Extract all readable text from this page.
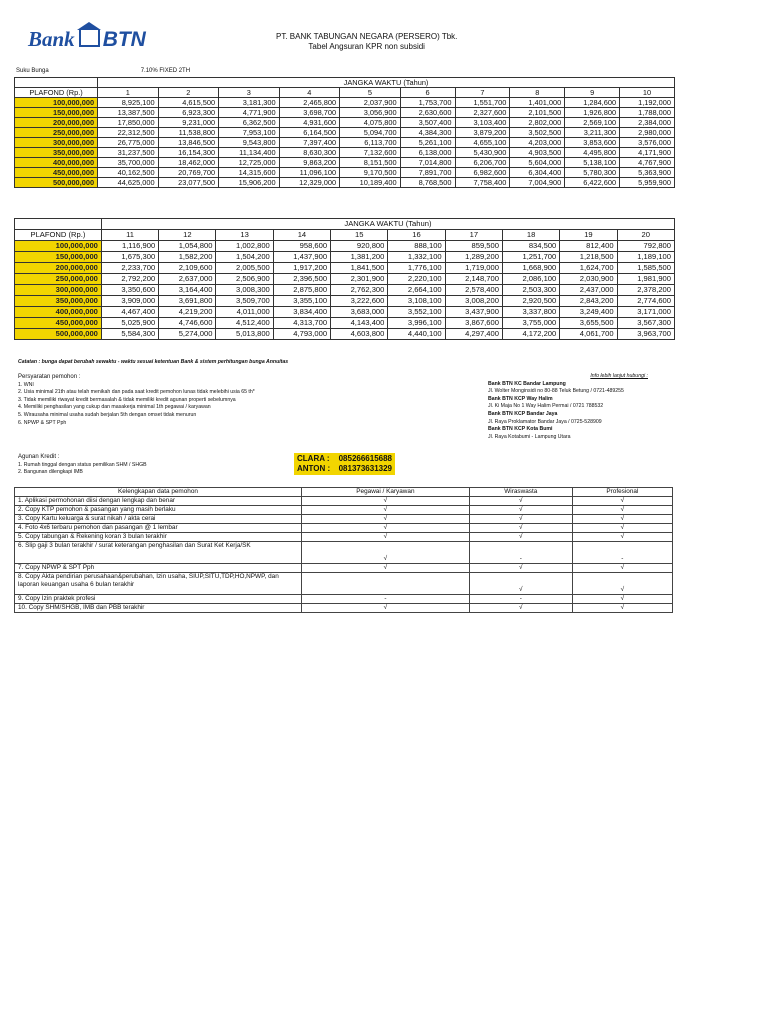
Bank BTN	PT. BANK TABUNGAN NEGARA (PERSERO) Tbk.
Tabel Angsuran KPR non subsidi
Suku Bunga	7.10% FIXED 2TH
	JANGKA WAKTU (Tahun)									
PLAFOND (Rp.)	1	2	3	4	5	6	7	8	9	10
100,000,000	8,925,100	4,615,500	3,181,300	2,465,800	2,037,900	1,753,700	1,551,700	1,401,000	1,284,600	1,192,000
150,000,000	13,387,500	6,923,300	4,771,900	3,698,700	3,056,900	2,630,600	2,327,600	2,101,500	1,926,800	1,788,000
200,000,000	17,850,000	9,231,000	6,362,500	4,931,600	4,075,800	3,507,400	3,103,400	2,802,000	2,569,100	2,384,000
250,000,000	22,312,500	11,538,800	7,953,100	6,164,500	5,094,700	4,384,300	3,879,200	3,502,500	3,211,300	2,980,000
300,000,000	26,775,000	13,846,500	9,543,800	7,397,400	6,113,700	5,261,100	4,655,100	4,203,000	3,853,600	3,576,000
350,000,000	31,237,500	16,154,300	11,134,400	8,630,300	7,132,600	6,138,000	5,430,900	4,903,500	4,495,800	4,171,900
400,000,000	35,700,000	18,462,000	12,725,000	9,863,200	8,151,500	7,014,800	6,206,700	5,604,000	5,138,100	4,767,900
450,000,000	40,162,500	20,769,700	14,315,600	11,096,100	9,170,500	7,891,700	6,982,600	6,304,400	5,780,300	5,363,900
500,000,000	44,625,000	23,077,500	15,906,200	12,329,000	10,189,400	8,768,500	7,758,400	7,004,900	6,422,600	5,959,900
	JANGKA WAKTU (Tahun)									
PLAFOND (Rp.)	11	12	13	14	15	16	17	18	19	20
100,000,000	1,116,900	1,054,800	1,002,800	958,600	920,800	888,100	859,500	834,500	812,400	792,800
150,000,000	1,675,300	1,582,200	1,504,200	1,437,900	1,381,200	1,332,100	1,289,200	1,251,700	1,218,500	1,189,100
200,000,000	2,233,700	2,109,600	2,005,500	1,917,200	1,841,500	1,776,100	1,719,000	1,668,900	1,624,700	1,585,500
250,000,000	2,792,200	2,637,000	2,506,900	2,396,500	2,301,900	2,220,100	2,148,700	2,086,100	2,030,900	1,981,900
300,000,000	3,350,600	3,164,400	3,008,300	2,875,800	2,762,300	2,664,100	2,578,400	2,503,300	2,437,000	2,378,200
350,000,000	3,909,000	3,691,800	3,509,700	3,355,100	3,222,600	3,108,100	3,008,200	2,920,500	2,843,200	2,774,600
400,000,000	4,467,400	4,219,200	4,011,000	3,834,400	3,683,000	3,552,100	3,437,900	3,337,800	3,249,400	3,171,000
450,000,000	5,025,900	4,746,600	4,512,400	4,313,700	4,143,400	3,996,100	3,867,600	3,755,000	3,655,500	3,567,300
500,000,000	5,584,300	5,274,000	5,013,800	4,793,000	4,603,800	4,440,100	4,297,400	4,172,200	4,061,700	3,963,700
Catatan : bunga dapat berubah sewaktu - waktu sesuai ketentuan Bank & sistem perhitungan bunga Annuitas
Persyaratan pemohon :
1. WNI
2. Usia minimal 21th atau telah menikah dan pada saat kredit pemohon lunas tidak melebihi usia 65 th*
3. Tidak memiliki riwayat kredit bermasalah & tidak memiliki kredit agunan properti sebelumnya
4. Memiliki penghasilan yang cukup dan masakerja minimal 1th pegawai / karyawan
5. Wirausaha minimal usaha sudah berjalan 5th dengan omset tidak menurun
6. NPWP & SPT Pph
Info lebih lanjut hubungi :
Bank BTN KC Bandar Lampung
Jl. Wolter Monginsidi no 80-88 Teluk Betung / 0721-489255
Bank BTN KCP Way Halim
Jl. Ki Maja No 1 Way Halim Permai / 0721 788532
Bank BTN KCP Bandar Jaya
Jl. Raya Proklamator Bandar Jaya / 0725-528909
Bank BTN KCP Kota Bumi
Jl. Raya Kotabumi - Lampung Utara
Agunan Kredit :
1. Rumah tinggal dengan status pemilikan SHM / SHGB
2. Bangunan dilengkapi IMB
CLARA : 085266615688
ANTON : 081373631329
Kelengkapan data pemohon	Pegawai / Karyawan	Wiraswasta	Profesional
1. Aplikasi permohonan diisi dengan lengkap dan benar	√	√	√
2. Copy KTP pemohon & pasangan yang masih berlaku	√	√	√
3. Copy Kartu keluarga & surat nikah / akta cerai	√	√	√
4. Foto 4x6 terbaru pemohon dan pasangan @ 1 lembar	√	√	√
5. Copy tabungan & Rekening koran 3 bulan terakhir	√	√	√
6. Slip gaji 3 bulan terakhir / surat keterangan penghasilan dan Surat Ket Kerja/SK	√	-	-
7. Copy NPWP & SPT Pph	√	√	√
8. Copy Akta pendirian perusahaan&perubahan, Izin usaha, SIUP,SITU,TDP,HO,NPWP, dan laporan keuangan usaha 6 bulan terakhir		√	√
9. Copy Izin praktek profesi	-	-	√
10. Copy SHM/SHGB, IMB dan PBB terakhir	√	√	√
